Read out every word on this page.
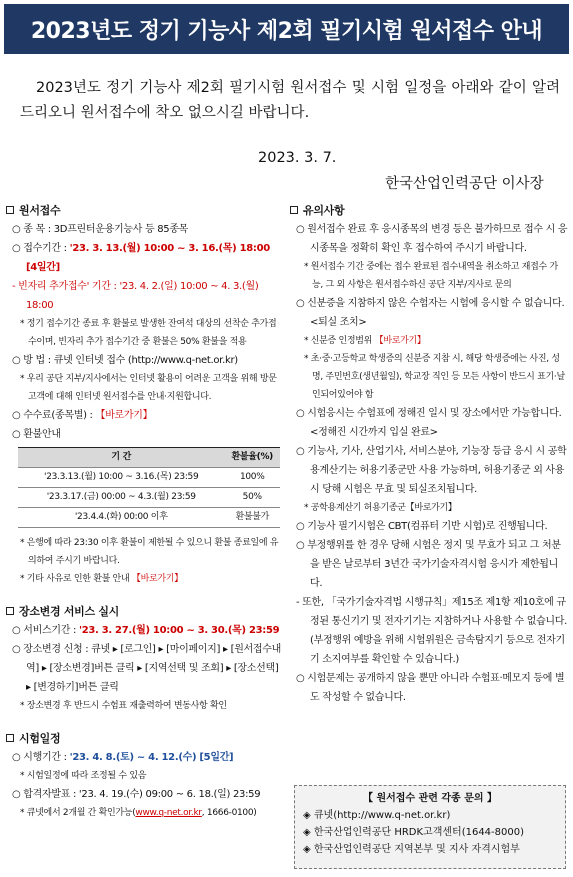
2023년도 정기 기능사 제2회 필기시험 원서접수 안내
2023년도 정기 기능사 제2회 필기시험 원서접수 및 시험 일정을 아래와 같이 알려드리오니 원서접수에 착오 없으시길 바랍니다.
2023. 3. 7.
한국산업인력공단 이사장
원서접수
○ 종 목 : 3D프린터운용기능사 등 85종목
○ 접수기간 : '23. 3. 13.(월) 10:00 ~ 3. 16.(목) 18:00 [4일간]
- 빈자리 추가접수' 기간 : '23. 4. 2.(일) 10:00 ~ 4. 3.(월) 18:00
* 정기 접수기간 종료 후 환불로 발생한 잔여석 대상의 선착순 추가접수이며, 빈자리 추가 접수기간 중 환불은 50% 환불을 적용
○ 방 법 : 큐넷 인터넷 접수 (http://www.q-net.or.kr)
* 우리 공단 지부/지사에서는 인터넷 활용이 어려운 고객을 위해 방문고객에 대해 인터넷 원서접수를 안내·지원합니다.
○ 수수료(종목별) : 【바로가기】
○ 환불안내
기 간	환불율(%)
'23.3.13.(월) 10:00 ~ 3.16.(목) 23:59	100%
'23.3.17.(금) 00:00 ~ 4.3.(월) 23:59	50%
'23.4.4.(화) 00:00 이후	환불불가
* 은행에 따라 23:30 이후 환불이 제한될 수 있으니 환불 종료일에 유의하여 주시기 바랍니다.
* 기타 사유로 인한 환불 안내 【바로가기】
장소변경 서비스 실시
○ 서비스기간 : '23. 3. 27.(월) 10:00 ~ 3. 30.(목) 23:59
○ 장소변경 신청 : 큐넷 ▸ [로그인] ▸ [마이페이지] ▸ [원서접수내역] ▸ [장소변경]버튼 클릭 ▸ [지역선택 및 조회] ▸ [장소선택] ▸ [변경하기]버튼 클릭
* 장소변경 후 반드시 수험표 재출력하여 변동사항 확인
시험일정
○ 시행기간 : '23. 4. 8.(토) ~ 4. 12.(수) [5일간]
* 시험일정에 따라 조정될 수 있음
○ 합격자발표 : '23. 4. 19.(수) 09:00 ~ 6. 18.(일) 23:59
* 큐넷에서 2개월 간 확인가능(www.q-net.or.kr, 1666-0100)
유의사항
○ 원서접수 완료 후 응시종목의 변경 등은 불가하므로 접수 시 응시종목을 정확히 확인 후 접수하여 주시기 바랍니다.
* 원서접수 기간 중에는 접수 완료된 접수내역을 취소하고 재접수 가능, 그 외 사항은 원서접수하신 공단 지부/지사로 문의
○ 신분증을 지참하지 않은 수험자는 시험에 응시할 수 없습니다. <퇴실 조치>
* 신분증 인정범위 【바로가기】
* 초·중·고등학교 학생증의 신분증 지참 시, 해당 학생증에는 사진, 성명, 주민번호(생년월일), 학교장 직인 등 모든 사항이 반드시 표기·날인되어있어야 함
○ 시험응시는 수험표에 정해진 일시 및 장소에서만 가능합니다. <정해진 시간까지 입실 완료>
○ 기능사, 기사, 산업기사, 서비스분야, 기능장 등급 응시 시 공학용계산기는 허용기종군만 사용 가능하며, 허용기종군 외 사용 시 당해 시험은 무효 및 퇴실조치됩니다.
* 공학용계산기 허용기종군【바로가기】
○ 기능사 필기시험은 CBT(컴퓨터 기반 시험)로 진행됩니다.
○ 부정행위를 한 경우 당해 시험은 정지 및 무효가 되고 그 처분을 받은 날로부터 3년간 국가기술자격시험 응시가 제한됩니다.
- 또한, 「국가기술자격법 시행규칙」제15조 제1항 제10호에 규정된 통신기기 및 전자기기는 지참하거나 사용할 수 없습니다.(부정행위 예방을 위해 시험위원은 금속탐지기 등으로 전자기기 소지여부를 확인할 수 있습니다.)
○ 시험문제는 공개하지 않을 뿐만 아니라 수험표·메모지 등에 별도 작성할 수 없습니다.
【 원서접수 관련 각종 문의 】
◈ 큐넷(http://www.q-net.or.kr)
◈ 한국산업인력공단 HRDK고객센터(1644-8000)
◈ 한국산업인력공단 지역본부 및 지사 자격시험부
